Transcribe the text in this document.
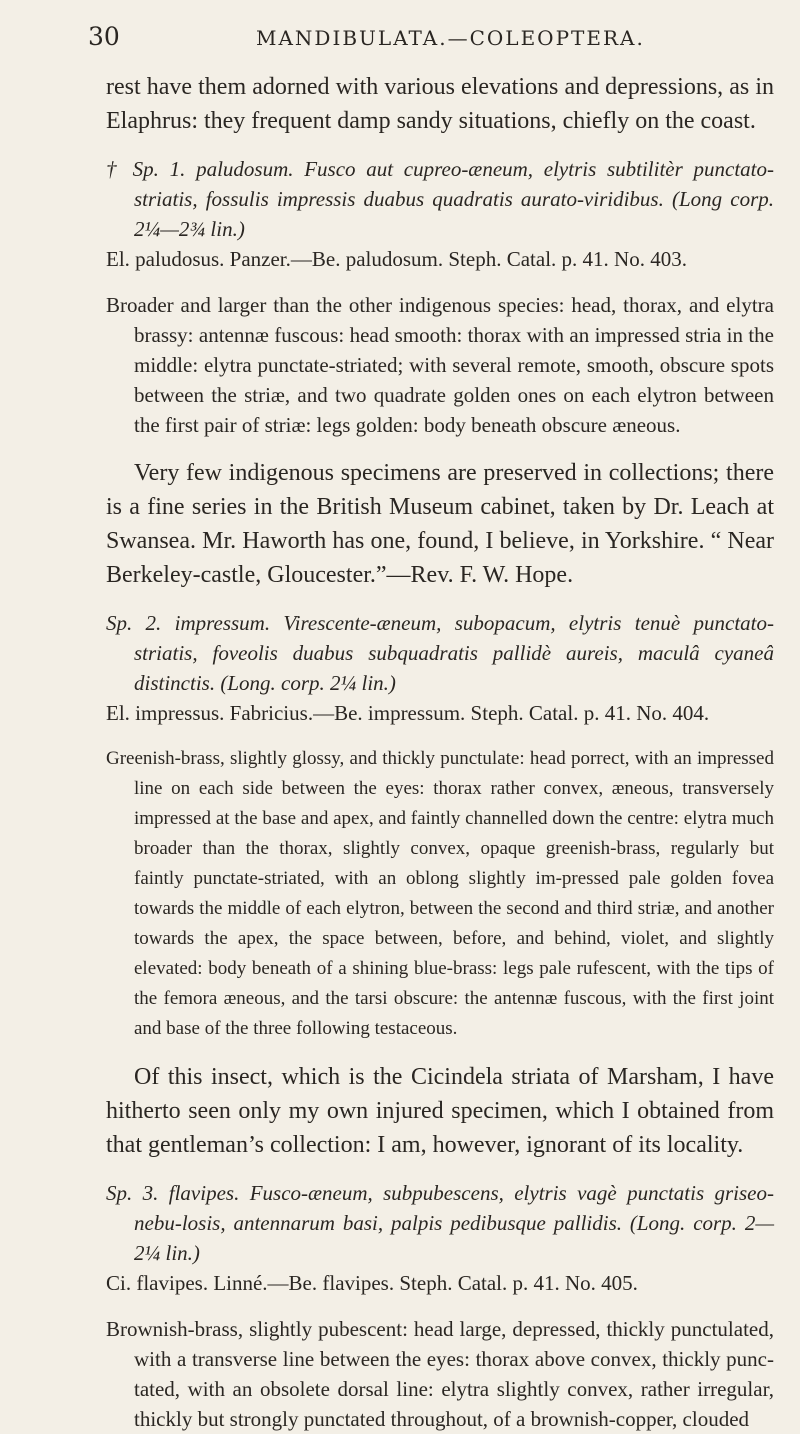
30	MANDIBULATA.—COLEOPTERA.

rest have them adorned with various elevations and depressions, as in Elaphrus: they frequent damp sandy situations, chiefly on the coast.

† Sp. 1. paludosum. Fusco aut cupreo-æneum, elytris subtilitèr punctato-striatis, fossulis impressis duabus quadratis aurato-viridibus. (Long corp. 2¼—2¾ lin.)

El. paludosus. Panzer.—Be. paludosum. Steph. Catal. p. 41. No. 403.

Broader and larger than the other indigenous species: head, thorax, and elytra brassy: antennæ fuscous: head smooth: thorax with an impressed stria in the middle: elytra punctate-striated; with several remote, smooth, obscure spots between the striæ, and two quadrate golden ones on each elytron between the first pair of striæ: legs golden: body beneath obscure æneous.

Very few indigenous specimens are preserved in collections; there is a fine series in the British Museum cabinet, taken by Dr. Leach at Swansea. Mr. Haworth has one, found, I believe, in Yorkshire. “ Near Berkeley-castle, Gloucester.”—Rev. F. W. Hope.

Sp. 2. impressum. Virescente-æneum, subopacum, elytris tenuè punctato-striatis, foveolis duabus subquadratis pallidè aureis, maculâ cyaneâ distinctis. (Long. corp. 2¼ lin.)

El. impressus. Fabricius.—Be. impressum. Steph. Catal. p. 41. No. 404.

Greenish-brass, slightly glossy, and thickly punctulate: head porrect, with an impressed line on each side between the eyes: thorax rather convex, æneous, transversely impressed at the base and apex, and faintly channelled down the centre: elytra much broader than the thorax, slightly convex, opaque greenish-brass, regularly but faintly punctate-striated, with an oblong slightly im-pressed pale golden fovea towards the middle of each elytron, between the second and third striæ, and another towards the apex, the space between, before, and behind, violet, and slightly elevated: body beneath of a shining blue-brass: legs pale rufescent, with the tips of the femora æneous, and the tarsi obscure: the antennæ fuscous, with the first joint and base of the three following testaceous.

Of this insect, which is the Cicindela striata of Marsham, I have hitherto seen only my own injured specimen, which I obtained from that gentleman’s collection: I am, however, ignorant of its locality.

Sp. 3. flavipes. Fusco-æneum, subpubescens, elytris vagè punctatis griseo-nebu-losis, antennarum basi, palpis pedibusque pallidis. (Long. corp. 2—2¼ lin.)

Ci. flavipes. Linné.—Be. flavipes. Steph. Catal. p. 41. No. 405.

Brownish-brass, slightly pubescent: head large, depressed, thickly punctulated, with a transverse line between the eyes: thorax above convex, thickly punc-tated, with an obsolete dorsal line: elytra slightly convex, rather irregular, thickly but strongly punctated throughout, of a brownish-copper, clouded
